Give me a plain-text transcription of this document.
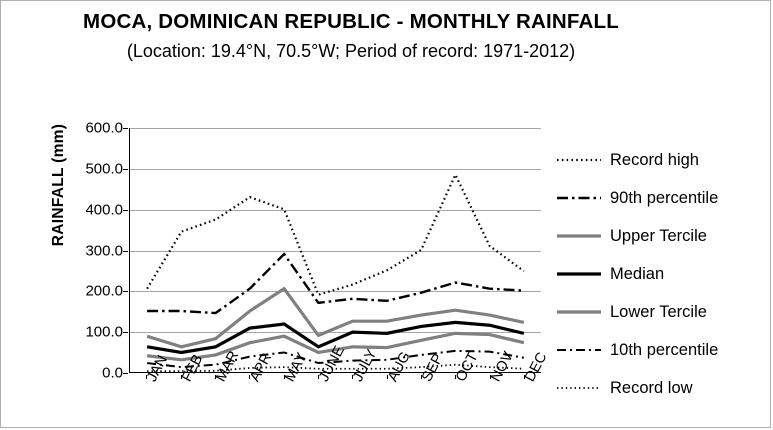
MOCA, DOMINICAN REPUBLIC - MONTHLY RAINFALL
(Location: 19.4°N, 70.5°W; Period of record: 1971-2012)
RAINFALL (mm)
0.0
100.0
200.0
300.0
400.0
500.0
600.0
JAN FEB MAR APR MAY JUNE JULY AUG SEP OCT NOV DEC
Record high
90th percentile
Upper Tercile
Median
Lower Tercile
10th percentile
Record low
